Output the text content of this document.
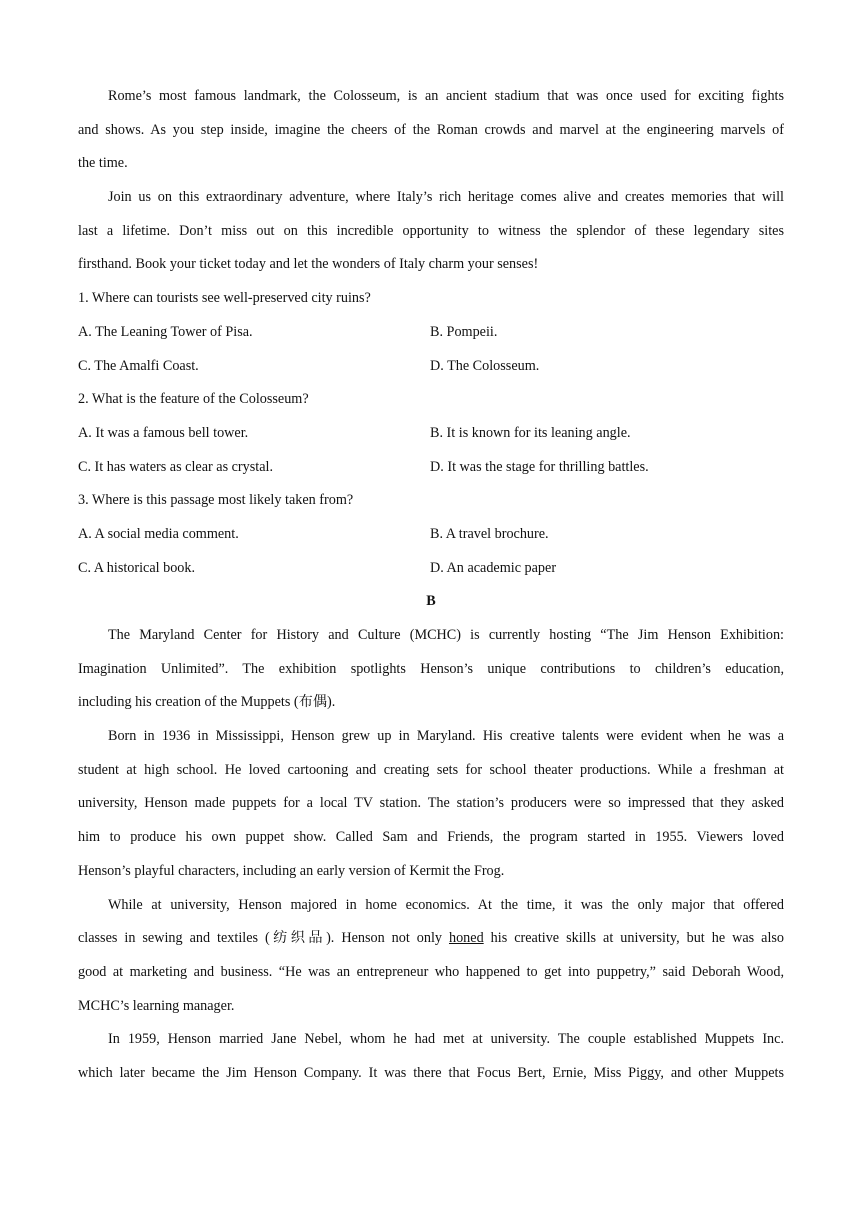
Rome’s most famous landmark, the Colosseum, is an ancient stadium that was once used for exciting fights
and shows. As you step inside, imagine the cheers of the Roman crowds and marvel at the engineering marvels of
the time.
Join us on this extraordinary adventure, where Italy’s rich heritage comes alive and creates memories that will
last a lifetime. Don’t miss out on this incredible opportunity to witness the splendor of these legendary sites
firsthand. Book your ticket today and let the wonders of Italy charm your senses!
1. Where can tourists see well-preserved city ruins?
A. The Leaning Tower of Pisa.	B. Pompeii.
C. The Amalfi Coast.	D. The Colosseum.
2. What is the feature of the Colosseum?
A. It was a famous bell tower.	B. It is known for its leaning angle.
C. It has waters as clear as crystal.	D. It was the stage for thrilling battles.
3. Where is this passage most likely taken from?
A. A social media comment.	B. A travel brochure.
C. A historical book.	D. An academic paper
B
The Maryland Center for History and Culture (MCHC) is currently hosting “The Jim Henson Exhibition:
Imagination Unlimited”. The exhibition spotlights Henson’s unique contributions to children’s education,
including his creation of the Muppets (布偶).
Born in 1936 in Mississippi, Henson grew up in Maryland. His creative talents were evident when he was a
student at high school. He loved cartooning and creating sets for school theater productions. While a freshman at
university, Henson made puppets for a local TV station. The station’s producers were so impressed that they asked
him to produce his own puppet show. Called Sam and Friends, the program started in 1955. Viewers loved
Henson’s playful characters, including an early version of Kermit the Frog.
While at university, Henson majored in home economics. At the time, it was the only major that offered
classes in sewing and textiles (纺织品). Henson not only honed his creative skills at university, but he was also
good at marketing and business. “He was an entrepreneur who happened to get into puppetry,” said Deborah Wood,
MCHC’s learning manager.
In 1959, Henson married Jane Nebel, whom he had met at university. The couple established Muppets Inc.
which later became the Jim Henson Company. It was there that Focus Bert, Ernie, Miss Piggy, and other Muppets
